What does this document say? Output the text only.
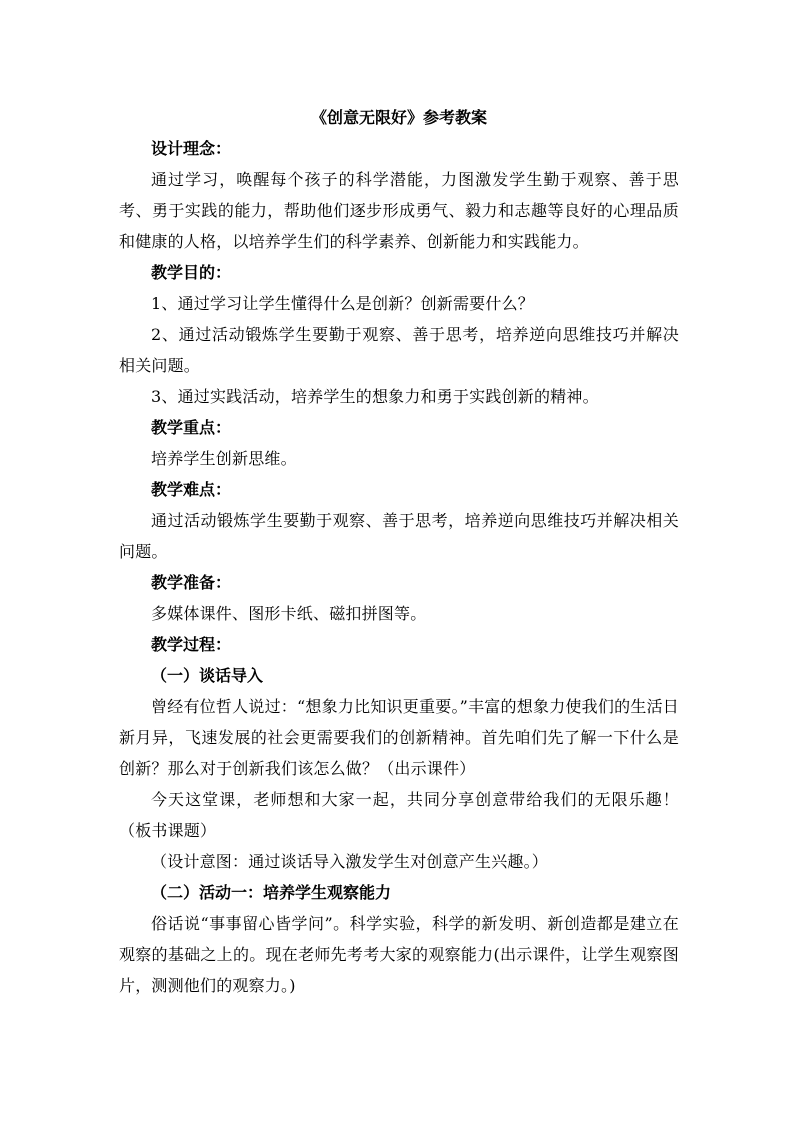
《创意无限好》参考教案

设计理念：

通过学习，唤醒每个孩子的科学潜能，力图激发学生勤于观察、善于思考、勇于实践的能力，帮助他们逐步形成勇气、毅力和志趣等良好的心理品质和健康的人格，以培养学生们的科学素养、创新能力和实践能力。

教学目的：

1、通过学习让学生懂得什么是创新？创新需要什么？

2、通过活动锻炼学生要勤于观察、善于思考，培养逆向思维技巧并解决相关问题。

3、通过实践活动，培养学生的想象力和勇于实践创新的精神。

教学重点：

培养学生创新思维。

教学难点：

通过活动锻炼学生要勤于观察、善于思考，培养逆向思维技巧并解决相关问题。

教学准备：

多媒体课件、图形卡纸、磁扣拼图等。

教学过程：

（一）谈话导入

曾经有位哲人说过：“想象力比知识更重要。”丰富的想象力使我们的生活日新月异，飞速发展的社会更需要我们的创新精神。首先咱们先了解一下什么是创新？那么对于创新我们该怎么做？（出示课件）

今天这堂课，老师想和大家一起，共同分享创意带给我们的无限乐趣！（板书课题）

（设计意图：通过谈话导入激发学生对创意产生兴趣。）

（二）活动一：培养学生观察能力

俗话说“事事留心皆学问”。科学实验，科学的新发明、新创造都是建立在观察的基础之上的。现在老师先考考大家的观察能力(出示课件，让学生观察图片，测测他们的观察力。)
